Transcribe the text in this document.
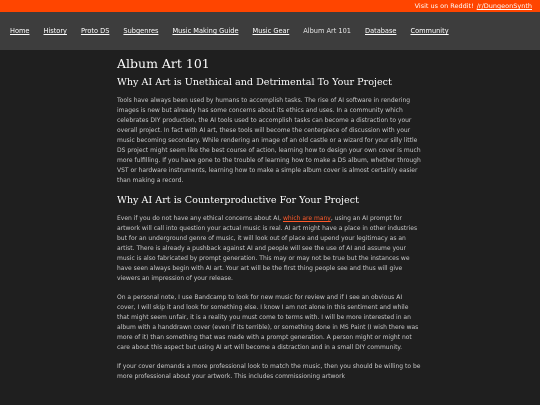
Visit us on Reddit! /r/DungeonSynth
Home History Proto DS Subgenres Music Making Guide Music Gear Album Art 101 Database Community
Album Art 101
Why AI Art is Unethical and Detrimental To Your Project

Tools have always been used by humans to accomplish tasks. The rise of AI software in rendering images is new but already has some concerns about its ethics and uses. In a community which celebrates DIY production, the AI tools used to accomplish tasks can become a distraction to your overall project. In fact with AI art, these tools will become the centerpiece of discussion with your music becoming secondary. While rendering an image of an old castle or a wizard for your silly little DS project might seem like the best course of action, learning how to design your own cover is much more fulfilling. If you have gone to the trouble of learning how to make a DS album, whether through VST or hardware instruments, learning how to make a simple album cover is almost certainly easier than making a record.

Why AI Art is Counterproductive For Your Project

Even if you do not have any ethical concerns about AI, which are many, using an AI prompt for artwork will call into question your actual music is real. AI art might have a place in other industries but for an underground genre of music, it will look out of place and upend your legitimacy as an artist. There is already a pushback against AI and people will see the use of AI and assume your music is also fabricated by prompt generation. This may or may not be true but the instances we have seen always begin with AI art. Your art will be the first thing people see and thus will give viewers an impression of your release.

On a personal note, I use Bandcamp to look for new music for review and if I see an obvious AI cover, I will skip it and look for something else. I know I am not alone in this sentiment and while that might seem unfair, it is a reality you must come to terms with. I will be more interested in an album with a handdrawn cover (even if its terrible), or something done in MS Paint (I wish there was more of it) than something that was made with a prompt generation. A person might or might not care about this aspect but using AI art will become a distraction and in a small DIY community.

If your cover demands a more professional look to match the music, then you should be willing to be more professional about your artwork. This includes commissioning artwork
